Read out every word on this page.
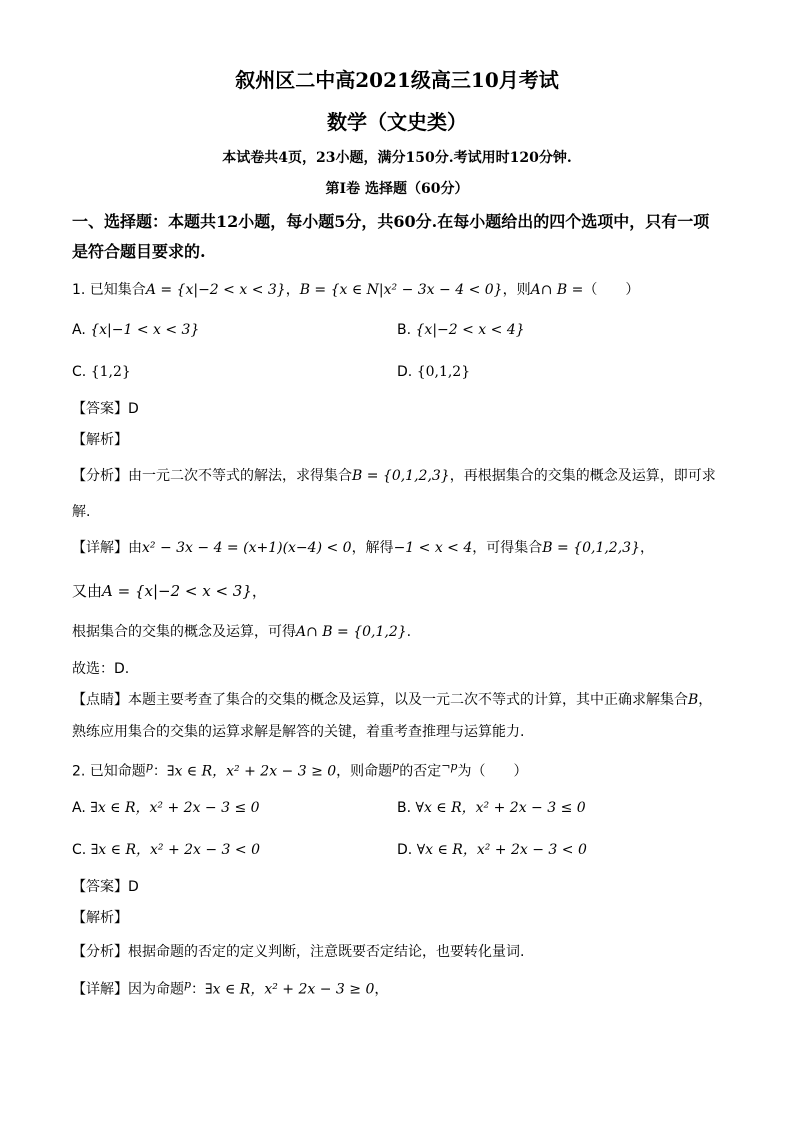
叙州区二中高2021级高三10月考试
数学（文史类）
本试卷共4页，23小题，满分150分.考试用时120分钟.
第I卷 选择题（60分）
一、选择题：本题共12小题，每小题5分，共60分.在每小题给出的四个选项中，只有一项
是符合题目要求的.
1. 已知集合A = {x|−2 < x < 3}，B = {x ∈ N|x² − 3x − 4 < 0}，则A∩ B =（　　）
A. {x|−1 < x < 3}	B. {x|−2 < x < 4}
C. {1,2}	D. {0,1,2}
【答案】D
【解析】
【分析】由一元二次不等式的解法，求得集合B = {0,1,2,3}，再根据集合的交集的概念及运算，即可求
解.
【详解】由x² − 3x − 4 = (x+1)(x−4) < 0，解得−1 < x < 4，可得集合B = {0,1,2,3}，
又由A = {x|−2 < x < 3}，
根据集合的交集的概念及运算，可得A∩ B = {0,1,2}.
故选：D.
【点睛】本题主要考查了集合的交集的概念及运算，以及一元二次不等式的计算，其中正确求解集合B，
熟练应用集合的交集的运算求解是解答的关键，着重考查推理与运算能力.
2. 已知命题$^p$：∃x ∈ R，x² + 2x − 3 ≥ 0，则命题$^p$的否定$^{\neg p}$为（　　）
A. ∃x ∈ R，x² + 2x − 3 ≤ 0	B. ∀x ∈ R，x² + 2x − 3 ≤ 0
C. ∃x ∈ R，x² + 2x − 3 < 0	D. ∀x ∈ R，x² + 2x − 3 < 0
【答案】D
【解析】
【分析】根据命题的否定的定义判断，注意既要否定结论，也要转化量词.
【详解】因为命题$^p$：∃x ∈ R，x² + 2x − 3 ≥ 0，
